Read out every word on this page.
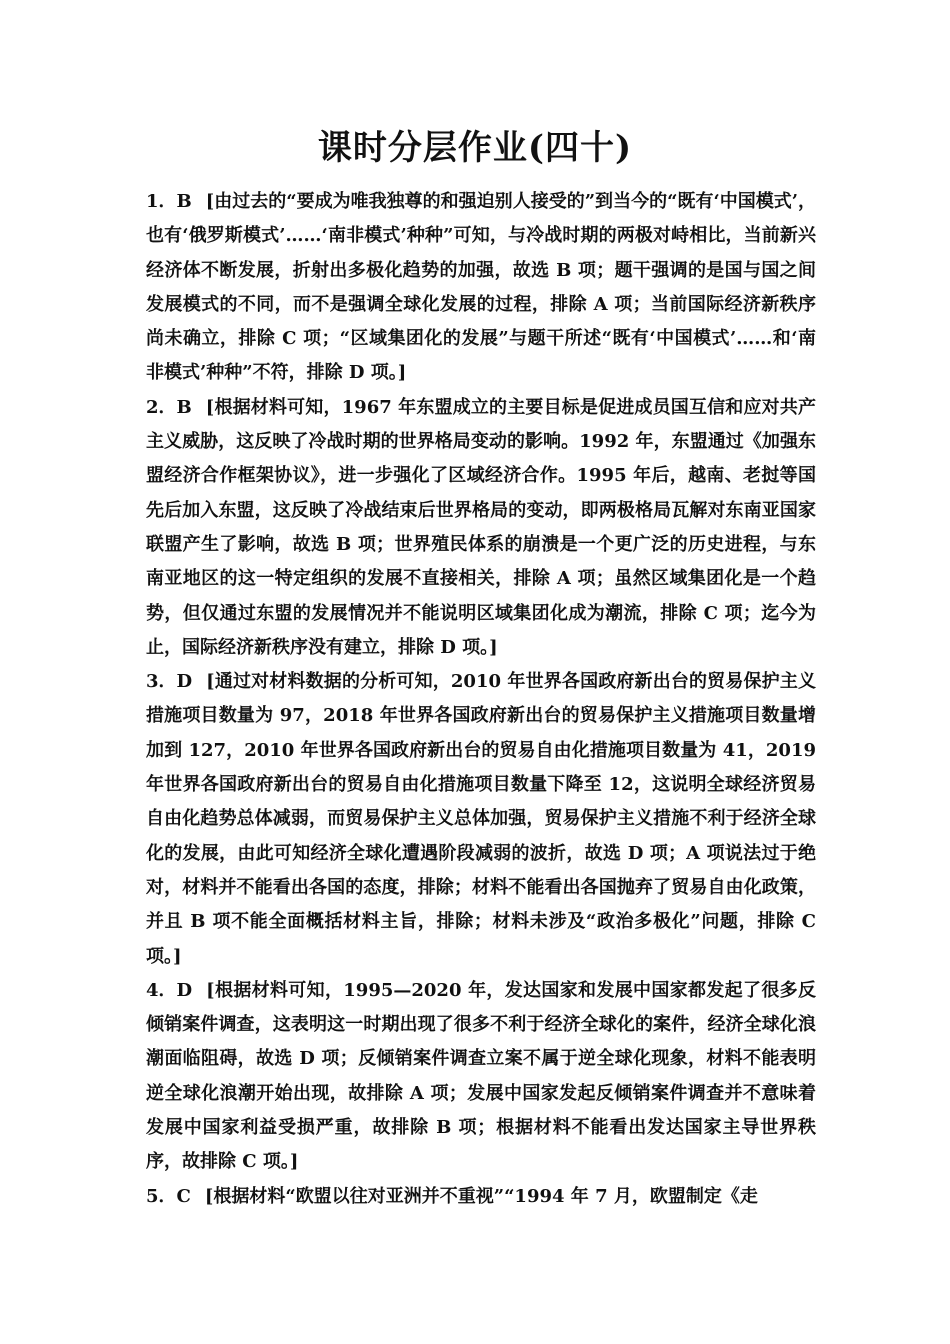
课时分层作业(四十)

1．B [由过去的“要成为唯我独尊的和强迫别人接受的”到当今的“既有‘中国模式’，也有‘俄罗斯模式’……‘南非模式’种种”可知，与冷战时期的两极对峙相比，当前新兴经济体不断发展，折射出多极化趋势的加强，故选 B 项；题干强调的是国与国之间发展模式的不同，而不是强调全球化发展的过程，排除 A 项；当前国际经济新秩序尚未确立，排除 C 项；“区域集团化的发展”与题干所述“既有‘中国模式’……和‘南非模式’种种”不符，排除 D 项。]

2．B [根据材料可知，1967 年东盟成立的主要目标是促进成员国互信和应对共产主义威胁，这反映了冷战时期的世界格局变动的影响。1992 年，东盟通过《加强东盟经济合作框架协议》，进一步强化了区域经济合作。1995 年后，越南、老挝等国先后加入东盟，这反映了冷战结束后世界格局的变动，即两极格局瓦解对东南亚国家联盟产生了影响，故选 B 项；世界殖民体系的崩溃是一个更广泛的历史进程，与东南亚地区的这一特定组织的发展不直接相关，排除 A 项；虽然区域集团化是一个趋势，但仅通过东盟的发展情况并不能说明区域集团化成为潮流，排除 C 项；迄今为止，国际经济新秩序没有建立，排除 D 项。]

3．D [通过对材料数据的分析可知，2010 年世界各国政府新出台的贸易保护主义措施项目数量为 97，2018 年世界各国政府新出台的贸易保护主义措施项目数量增加到 127，2010 年世界各国政府新出台的贸易自由化措施项目数量为 41，2019 年世界各国政府新出台的贸易自由化措施项目数量下降至 12，这说明全球经济贸易自由化趋势总体减弱，而贸易保护主义总体加强，贸易保护主义措施不利于经济全球化的发展，由此可知经济全球化遭遇阶段减弱的波折，故选 D 项；A 项说法过于绝对，材料并不能看出各国的态度，排除；材料不能看出各国抛弃了贸易自由化政策，并且 B 项不能全面概括材料主旨，排除；材料未涉及“政治多极化”问题，排除 C 项。]

4．D [根据材料可知，1995—2020 年，发达国家和发展中国家都发起了很多反倾销案件调查，这表明这一时期出现了很多不利于经济全球化的案件，经济全球化浪潮面临阻碍，故选 D 项；反倾销案件调查立案不属于逆全球化现象，材料不能表明逆全球化浪潮开始出现，故排除 A 项；发展中国家发起反倾销案件调查并不意味着发展中国家利益受损严重，故排除 B 项；根据材料不能看出发达国家主导世界秩序，故排除 C 项。]

5．C [根据材料“欧盟以往对亚洲并不重视”“1994 年 7 月，欧盟制定《走
